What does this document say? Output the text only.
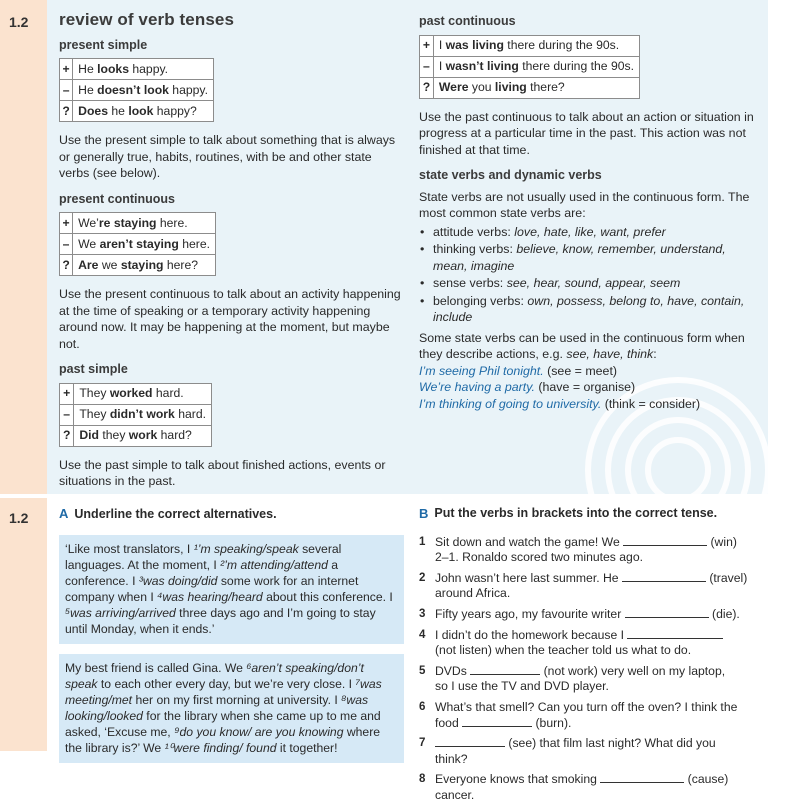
1.2
1.2
review of verb tenses
present simple
+	He looks happy.
–	He doesn’t look happy.
?	Does he look happy?

Use the present simple to talk about something that is always or generally true, habits, routines, with be and other state verbs (see below).

present continuous
+	We’re staying here.
–	We aren’t staying here.
?	Are we staying here?

Use the present continuous to talk about an activity happening at the time of speaking or a temporary activity happening around now. It may be happening at the moment, but maybe not.

past simple
+	They worked hard.
–	They didn’t work hard.
?	Did they work hard?

Use the past simple to talk about finished actions, events or situations in the past.

past continuous
+	I was living there during the 90s.
–	I wasn’t living there during the 90s.
?	Were you living there?

Use the past continuous to talk about an action or situation in progress at a particular time in the past. This action was not finished at that time.

state verbs and dynamic verbs

State verbs are not usually used in the continuous form. The most common state verbs are:

• attitude verbs: love, hate, like, want, prefer
• thinking verbs: believe, know, remember, understand, mean, imagine
• sense verbs: see, hear, sound, appear, seem
• belonging verbs: own, possess, belong to, have, contain, include

Some state verbs can be used in the continuous form when they describe actions, e.g. see, have, think:

I’m seeing Phil tonight. (see = meet)

We’re having a party. (have = organise)

I’m thinking of going to university. (think = consider)

A Underline the correct alternatives.

‘Like most translators, I ¹’m speaking/speak several languages. At the moment, I ²’m attending/attend a conference. I ³was doing/did some work for an internet company when I ⁴was hearing/heard about this conference. I ⁵was arriving/arrived three days ago and I’m going to stay until Monday, when it ends.’

My best friend is called Gina. We ⁶aren’t speaking/don’t speak to each other every day, but we’re very close. I ⁷was meeting/met her on my first morning at university. I ⁸was looking/looked for the library when she came up to me and asked, ‘Excuse me, ⁹do you know/ are you knowing where the library is?’ We ¹⁰were finding/ found it together!

B Put the verbs in brackets into the correct tense.
1 Sit down and watch the game! We	(win)
2–1. Ronaldo scored two minutes ago.
2 John wasn’t here last summer. He	(travel)
around Africa.
3 Fifty years ago, my favourite writer	(die).
4 I didn’t do the homework because I
(not listen) when the teacher told us what to do.
5 DVDs	(not work) very well on my laptop,
so I use the TV and DVD player.
6 What’s that smell? Can you turn off the oven? I think the food	(burn).
7	(see) that film last night? What did you
think?
8 Everyone knows that smoking	(cause)
cancer.
